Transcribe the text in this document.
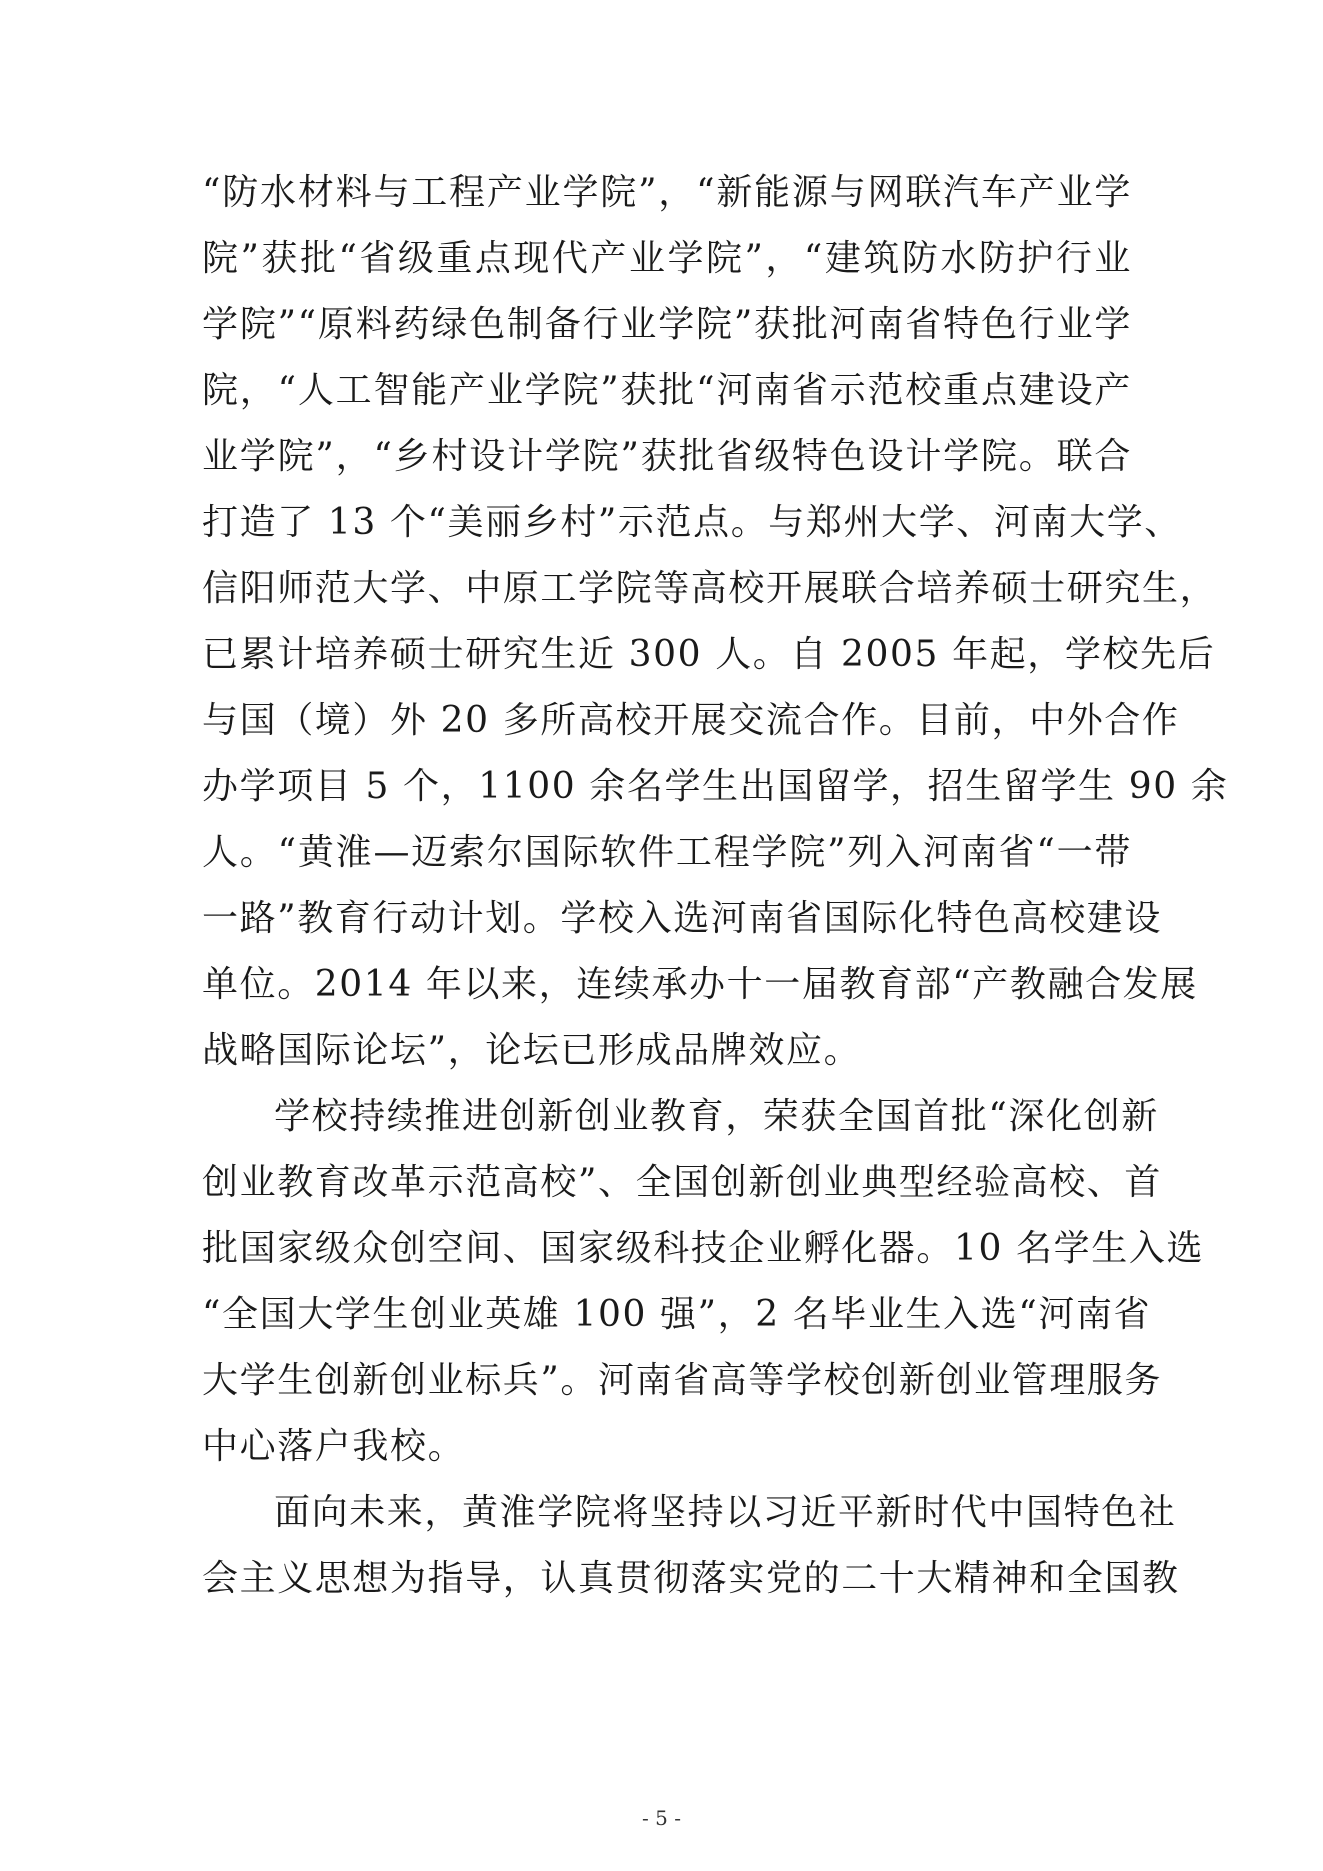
“防水材料与工程产业学院”，“新能源与网联汽车产业学
院”获批“省级重点现代产业学院”，“建筑防水防护行业
学院”“原料药绿色制备行业学院”获批河南省特色行业学
院，“人工智能产业学院”获批“河南省示范校重点建设产
业学院”，“乡村设计学院”获批省级特色设计学院。联合
打造了 13 个“美丽乡村”示范点。与郑州大学、河南大学、
信阳师范大学、中原工学院等高校开展联合培养硕士研究生，
已累计培养硕士研究生近 300 人。自 2005 年起，学校先后
与国（境）外 20 多所高校开展交流合作。目前，中外合作
办学项目 5 个，1100 余名学生出国留学，招生留学生 90 余
人。“黄淮—迈索尔国际软件工程学院”列入河南省“一带
一路”教育行动计划。学校入选河南省国际化特色高校建设
单位。2014 年以来，连续承办十一届教育部“产教融合发展
战略国际论坛”，论坛已形成品牌效应。
学校持续推进创新创业教育，荣获全国首批“深化创新
创业教育改革示范高校”、全国创新创业典型经验高校、首
批国家级众创空间、国家级科技企业孵化器。10 名学生入选
“全国大学生创业英雄 100 强”，2 名毕业生入选“河南省
大学生创新创业标兵”。河南省高等学校创新创业管理服务
中心落户我校。
面向未来，黄淮学院将坚持以习近平新时代中国特色社
会主义思想为指导，认真贯彻落实党的二十大精神和全国教
- 5 -
